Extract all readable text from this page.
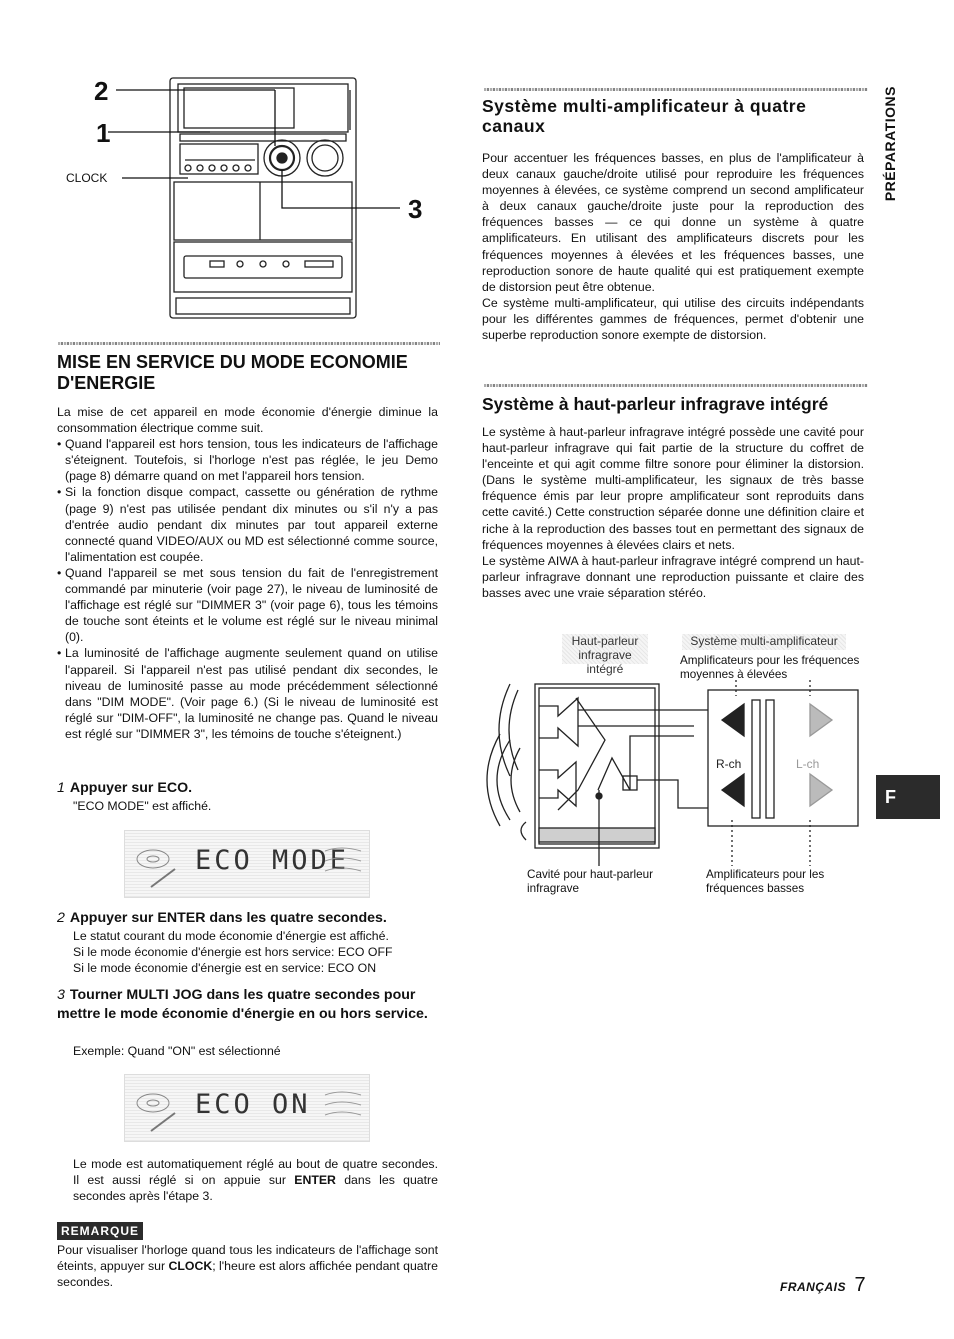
2
1
CLOCK
3
MISE EN SERVICE DU MODE ECONOMIE D'ENERGIE
La mise de cet appareil en mode économie d'énergie diminue la consommation électrique comme suit.
• Quand l'appareil est hors tension, tous les indicateurs de l'affichage s'éteignent. Toutefois, si l'horloge n'est pas réglée, le jeu Demo (page 8) démarre quand on met l'appareil hors tension.
• Si la fonction disque compact, cassette ou génération de rythme (page 9) n'est pas utilisée pendant dix minutes ou s'il n'y a pas d'entrée audio pendant dix minutes par tout appareil externe connecté quand VIDEO/AUX ou MD est sélectionné comme source, l'alimentation est coupée.
• Quand l'appareil se met sous tension du fait de l'enregistrement commandé par minuterie (voir page 27), le niveau de luminosité de l'affichage est réglé sur "DIMMER 3" (voir page 6), tous les témoins de touche sont éteints et le volume est réglé sur le niveau minimal (0).
• La luminosité de l'affichage augmente seulement quand on utilise l'appareil. Si l'appareil n'est pas utilisé pendant dix secondes, le niveau de luminosité passe au mode précédemment sélectionné dans "DIM MODE". (Voir page 6.) (Si le niveau de luminosité est réglé sur "DIM-OFF", la luminosité ne change pas. Quand le niveau est réglé sur "DIMMER 3", les témoins de touche s'éteignent.)
1 Appuyer sur ECO.
"ECO MODE" est affiché.
ECO MODE
2 Appuyer sur ENTER dans les quatre secondes.
Le statut courant du mode économie d'énergie est affiché.
Si le mode économie d'énergie est hors service: ECO OFF
Si le mode économie d'énergie est en service: ECO ON
3 Tourner MULTI JOG dans les quatre secondes pour mettre le mode économie d'énergie en ou hors service.
Exemple: Quand "ON" est sélectionné
ECO ON
Le mode est automatiquement réglé au bout de quatre secondes. Il est aussi réglé si on appuie sur ENTER dans les quatre secondes après l'étape 3.
REMARQUE
Pour visualiser l'horloge quand tous les indicateurs de l'affichage sont éteints, appuyer sur CLOCK; l'heure est alors affichée pendant quatre secondes.
Système multi-amplificateur à quatre canaux
Pour accentuer les fréquences basses, en plus de l'amplificateur à deux canaux gauche/droite utilisé pour reproduire les fréquences moyennes à élevées, ce système comprend un second amplificateur à deux canaux gauche/droite juste pour la reproduction des fréquences basses — ce qui donne un système à quatre amplificateurs. En utilisant des amplificateurs discrets pour les fréquences moyennes à élevées et les fréquences basses, une reproduction sonore de haute qualité qui est pratiquement exempte de distorsion peut être obtenue.
Ce système multi-amplificateur, qui utilise des circuits indépendants pour les différentes gammes de fréquences, permet d'obtenir une superbe reproduction sonore exempte de distorsion.
Système à haut-parleur infragrave intégré
Le système à haut-parleur infragrave intégré possède une cavité pour haut-parleur infragrave qui fait partie de la structure du coffret de l'enceinte et qui agit comme filtre sonore pour éliminer la distorsion. (Dans le système multi-amplificateur, les signaux de très basse fréquence émis par leur propre amplificateur sont reproduits dans cette cavité.) Cette construction séparée donne une définition claire et riche à la reproduction des basses tout en permettant des signaux de fréquences moyennes à élevées clairs et nets.
Le système AIWA à haut-parleur infragrave intégré comprend un haut-parleur infragrave donnant une reproduction puissante et claire des basses avec une vraie séparation stéréo.
Haut-parleur infragrave intégré
Système multi-amplificateur
Amplificateurs pour les fréquences moyennes à élevées
R-ch	L-ch
Cavité pour haut-parleur infragrave
Amplificateurs pour les fréquences basses
PRÉPARATIONS
F
FRANÇAIS 7
